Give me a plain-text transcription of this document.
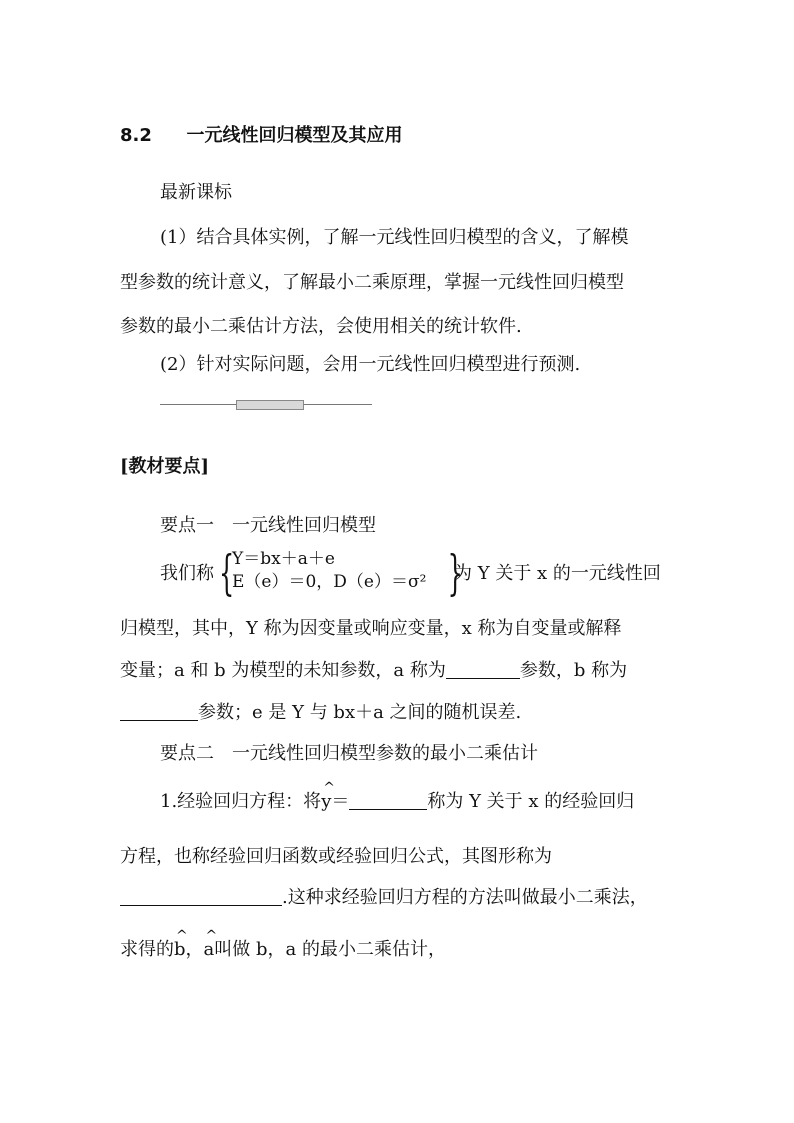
8.2 一元线性回归模型及其应用
最新课标
(1）结合具体实例，了解一元线性回归模型的含义，了解模
型参数的统计意义，了解最小二乘原理，掌握一元线性回归模型
参数的最小二乘估计方法，会使用相关的统计软件.
(2）针对实际问题，会用一元线性回归模型进行预测.
[教材要点]
要点一　一元线性回归模型
我们称 {
Y＝bx＋a＋e
E（e）＝0，D（e）＝σ² {
为 Y 关于 x 的一元线性回
归模型，其中，Y 称为因变量或响应变量，x 称为自变量或解释
变量；a 和 b 为模型的未知参数，a 称为	参数，b 称为
参数；e 是 Y 与 bx＋a 之间的随机误差.
要点二　一元线性回归模型参数的最小二乘估计
1.经验回归方程：将^ y＝	称为 Y 关于 x 的经验回归
方程，也称经验回归函数或经验回归公式，其图形称为
.这种求经验回归方程的方法叫做最小二乘法，
求得的^ b，^ a叫做 b，a 的最小二乘估计，
